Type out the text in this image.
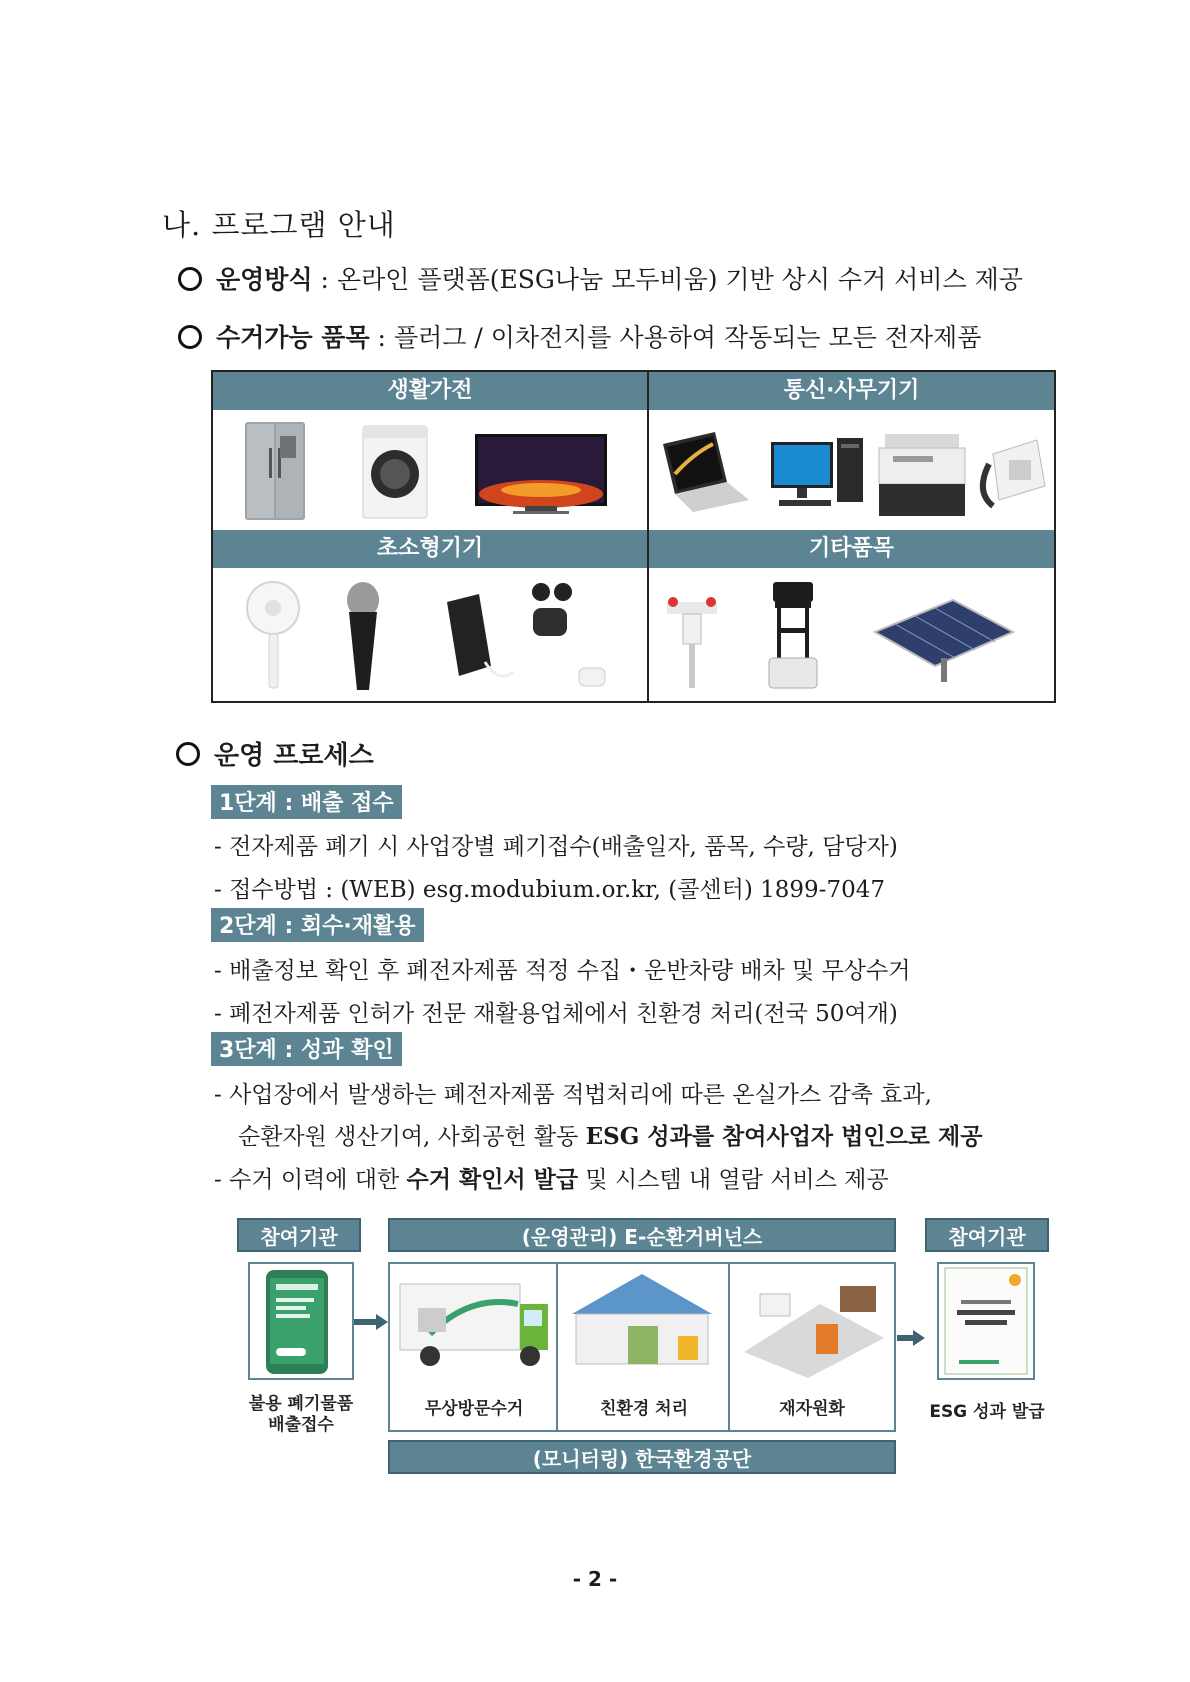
나. 프로그램 안내
운영방식 : 온라인 플랫폼(ESG나눔 모두비움) 기반 상시 수거 서비스 제공
수거가능 품목 : 플러그 / 이차전지를 사용하여 작동되는 모든 전자제품
생활가전	통신·사무기기
초소형기기	기타품목
운영 프로세스
1단계 : 배출 접수
- 전자제품 폐기 시 사업장별 폐기접수(배출일자, 품목, 수량, 담당자)
- 접수방법 : (WEB) esg.modubium.or.kr, (콜센터) 1899-7047
2단계 : 회수·재활용
- 배출정보 확인 후 폐전자제품 적정 수집・운반차량 배차 및 무상수거
- 폐전자제품 인허가 전문 재활용업체에서 친환경 처리(전국 50여개)
3단계 : 성과 확인
- 사업장에서 발생하는 폐전자제품 적법처리에 따른 온실가스 감축 효과,
순환자원 생산기여, 사회공헌 활동 ESG 성과를 참여사업자 법인으로 제공
- 수거 이력에 대한 수거 확인서 발급 및 시스템 내 열람 서비스 제공
참여기관	(운영관리) E-순환거버넌스	참여기관
무상방문수거	친환경 처리	재자원화
불용 폐기물품
배출접수
ESG 성과 발급
(모니터링) 한국환경공단
- 2 -
